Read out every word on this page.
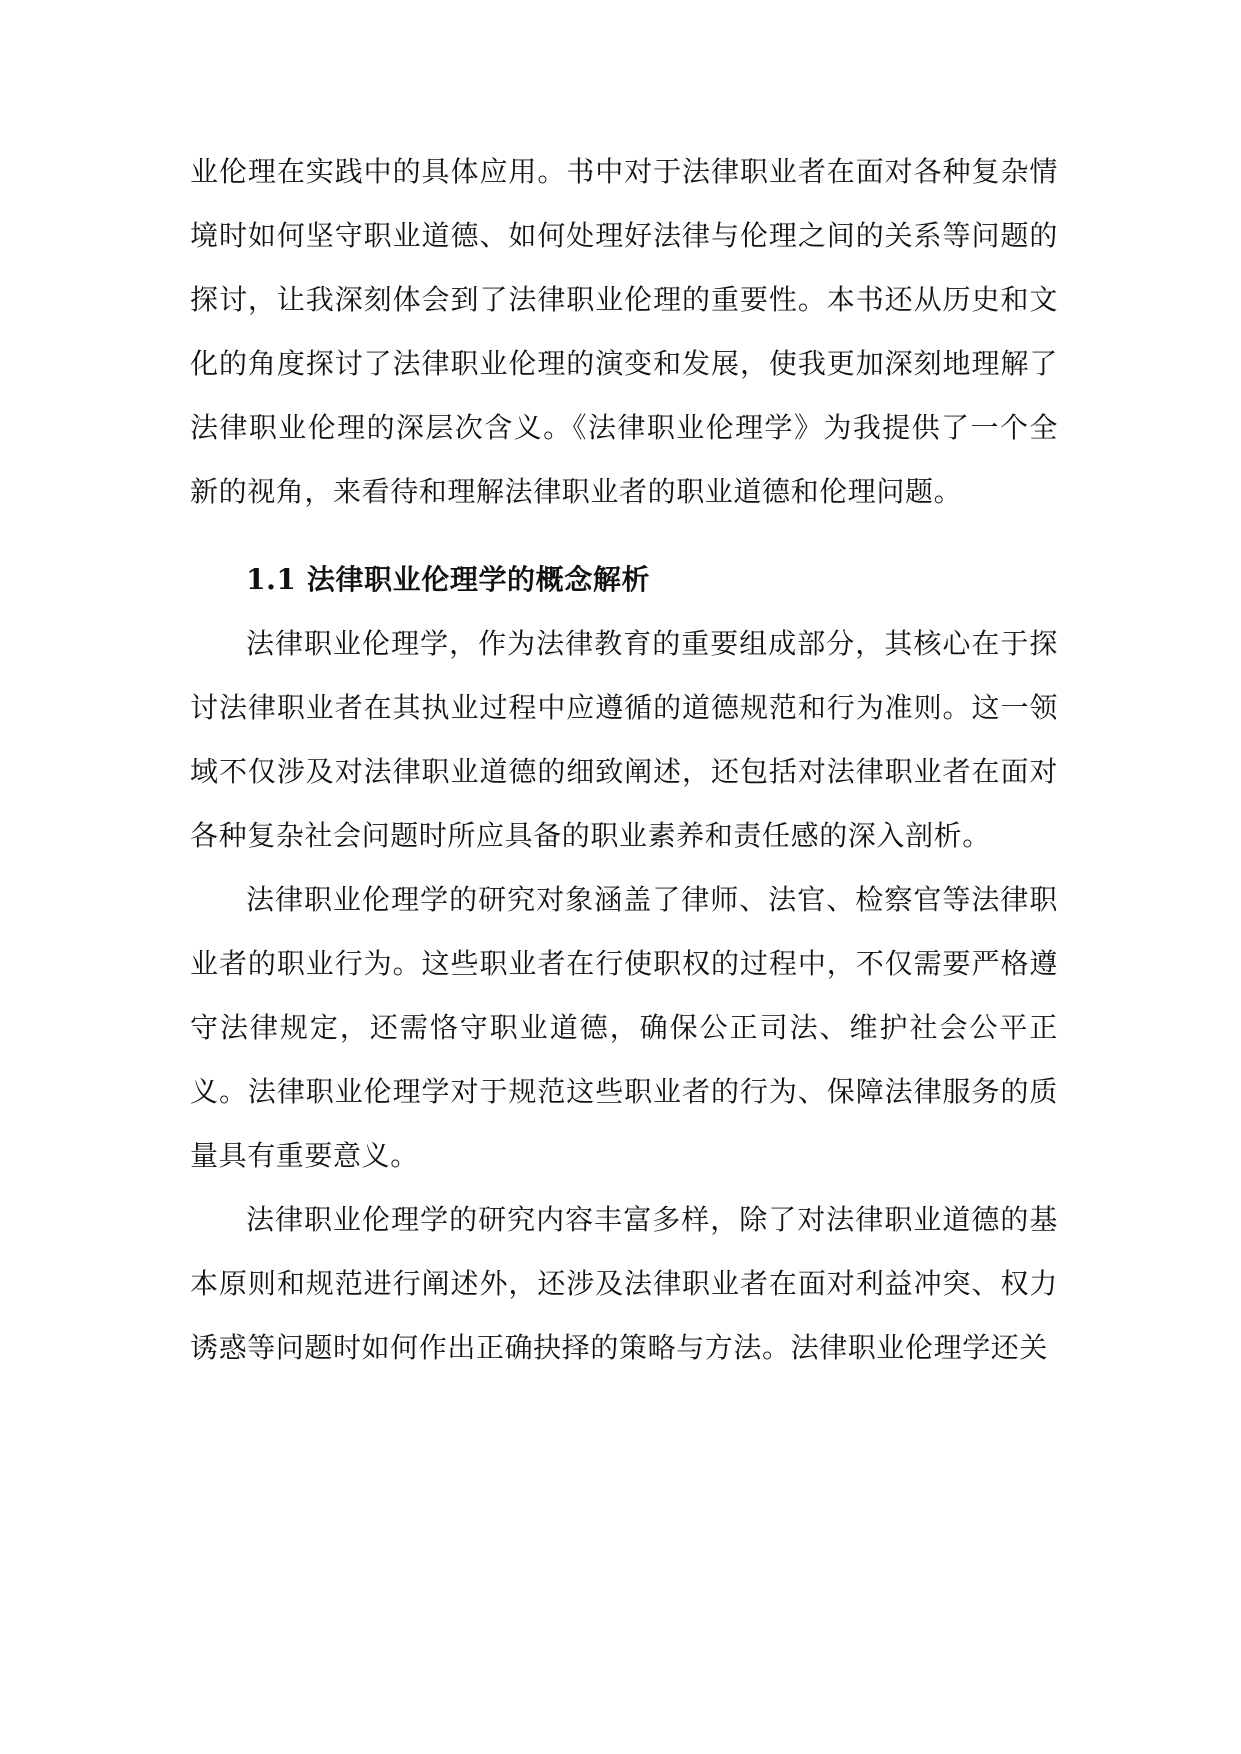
业伦理在实践中的具体应用。书中对于法律职业者在面对各种复杂情境时如何坚守职业道德、如何处理好法律与伦理之间的关系等问题的探讨，让我深刻体会到了法律职业伦理的重要性。本书还从历史和文化的角度探讨了法律职业伦理的演变和发展，使我更加深刻地理解了法律职业伦理的深层次含义。《法律职业伦理学》为我提供了一个全新的视角，来看待和理解法律职业者的职业道德和伦理问题。

1.1 法律职业伦理学的概念解析

法律职业伦理学，作为法律教育的重要组成部分，其核心在于探讨法律职业者在其执业过程中应遵循的道德规范和行为准则。这一领域不仅涉及对法律职业道德的细致阐述，还包括对法律职业者在面对各种复杂社会问题时所应具备的职业素养和责任感的深入剖析。

法律职业伦理学的研究对象涵盖了律师、法官、检察官等法律职业者的职业行为。这些职业者在行使职权的过程中，不仅需要严格遵守法律规定，还需恪守职业道德，确保公正司法、维护社会公平正义。法律职业伦理学对于规范这些职业者的行为、保障法律服务的质量具有重要意义。

法律职业伦理学的研究内容丰富多样，除了对法律职业道德的基本原则和规范进行阐述外，还涉及法律职业者在面对利益冲突、权力诱惑等问题时如何作出正确抉择的策略与方法。法律职业伦理学还关
